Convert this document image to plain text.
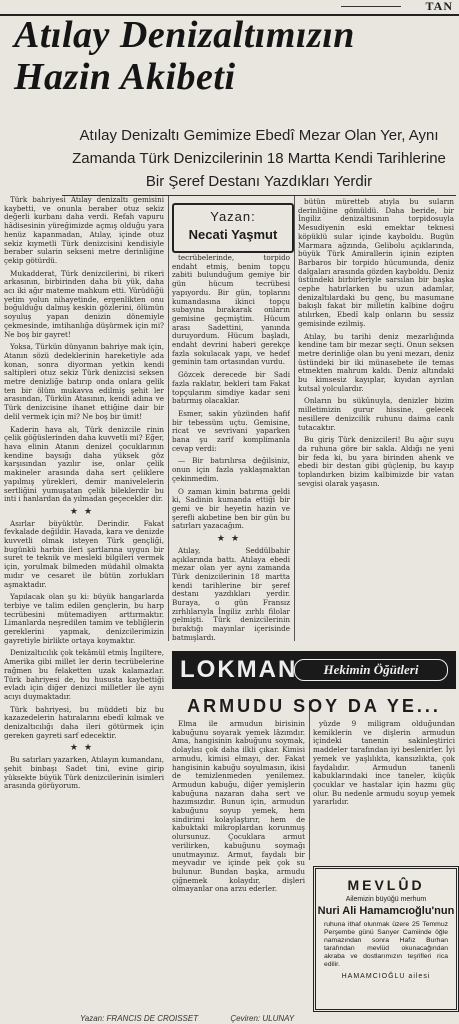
TAN
Atılay Denizaltımızın
Hazin Akibeti
Atılay Denizaltı Gemimize Ebedî Mezar Olan Yer, Aynı Zamanda Türk Denizcilerinin 18 Martta Kendi Tarihlerine Bir Şeref Destanı Yazdıkları Yerdir

Türk bahriyesi Atılay denizaltı gemisini kaybetti, ve onunla beraber otuz sekiz değerli kurbanı daha verdi. Refah vapuru hâdisesinin yüreğimizde açmış olduğu yara henüz kapanmadan, Atılay, içinde otuz sekiz kıymetli Türk denizcisini kendisiyle beraber sularin sekseni metre derinliğine çekip götürdü.

Mukadderat, Türk denizcilerini, bi rikeri arkasının, birbirinden daha bü yük, daha acı iki ağır mateme mahkum etti. Yürüdüğü yetim yolun nihayetinde, ergenlikten onu boğulduğu dalmış keskin gözlerini, ölümün soyuluş yapan denizin dönemiyle çekmesinde, imtihanlığa düşürmek için mi? Ne boş bir gayret!

Yoksa, Türkün dünyanın bahriye mak için, Atanın sözü dedeklerinin hareketiyle ada konan, sonra diyorman yetkin kendi saltipleri otuz sekiz Türk denizcisi seksen metre denizliğe batırıp onda onlara gelik ten bir ölüm mukavva edilmiş şehit ler arasından, Türkün Atasının, kendi adına ve Türk denizcisine ihanet ettiğine dair bir delil vermek için mi? Ne boş bir ümit!

Kaderin hava alı, Türk denizcile rinin çelik göğüslerinden daha kuvvetli mi? Eğer, hava elinin Atanın denizel çocuklarının kendine baysığı daha yüksek göz karşısından yazılır ise, onlar çelik makineler arasında daha sert çeliklere yapılmış yürekleri, demir manivelelerin sertliğini yumuşatan çelik bileklerdir bu inti i hanlardan da yılmadan geçecekler dir.

★★

Asırlar büyüktür. Derindir. Fakat fevkalade değildir. Havada, kara ve denizde kuvvetli olmak isteyen Türk gençliği, bugünkü harbin ileri şartlarına uygun bir suret te teknik ve mesleki bilgileri vermek için, yorulmak bilmeden müdahil olmakta mıdır ve cesaret ile bütün zorlukları aşmaktadır.

Yapılacak olan şu ki: büyük hangarlarda terbiye ve talim edilen gençlerin, bu harp tecrübesini mütemadiyen arttırmaktır. Limanlarda neşredilen tamim ve tebliğlerin gereklerini yapmak, denizcilerimizin gayretiyle birlikte ortaya koymaktır.

Denizaltıcılık çok tekâmül etmiş İngiltere, Amerika gibi millet ler derin tecrübelerine rağmen bu felaketten uzak kalamazlar. Türk bahriyesi de, bu hususta kaybettiği evladı için diğer denizci milletler ile aynı acıyı duymaktadır.

Türk bahriyesi, bu müddeti biz bu kazazedelerin hatıralarını ebedî kılmak ve denizaltıcılığı daha ileri götürmek için gereken gayreti sarf edecektir.

★★

Bu satırları yazarken, Atılayın kumandanı, şehit binbaşı Sadet tini, evine girip yüksekte büyük Türk denizcilerinin isimleri arasında görüyorum.

Yazan:
Necati Yaşmut

tecrübelerinde, torpido endaht etmiş, benim topçu zabiti bulunduğum gemiye bir gün hücum tecrübesi yapıyordu. Bir gün, toplarını kumandasına ikinci topçu subayına bırakarak onların gemisine geçmiştim. Hücum arası Sadettini, yanında duruyordum. Hücum başladı, endaht devrini haberi gerekçe fazla sokulacak yapı, ve hedef geminin tam ortasından vurdu.

Gözcek derecede bir Sadi fazla raklatır, bekleri tam Fakat topçularım simdiye kadar seni batırmış olacaklar.

Esmer, sakin yüzünden hafif bir tebessüm uçtu. Gemisine, ricat ve sevrivani yaparken bana şu zarif komplimanla cevap verdi:

— Bir batırılırsa değilsiniz, onun için fazla yaklaşmaktan çekinmedim.

O zaman kimin batırma geldi ki, Sadinin kumanda ettiği bir gemi ve bir heyetin hazin ve şerefli akıbetine ben bir gün bu satırları yazacağım.

★★

Atılay, Seddülbahir açıklarında battı. Atılaya ebedi mezar olan yer aynı zamanda Türk denizcilerinin 18 martta kendi tarihlerine bir şeref destanı yazdıkları yerdir. Buraya, o gün Fransız zırhlılarıyla İngiliz zırhlı filolar gelmişti. Türk denizcilerinin bıraktığı mayınlar içerisinde batmışlardı.

bütün müretteb atıyla bu suların derinliğine gömüldü. Daha beride, bir İngiliz denizaltısının torpidosuyla Mesudiyenin eski emektar teknesi köpüklü sular içinde kayboldu. Bugün Marmara ağzında, Gelibolu açıklarında, büyük Türk Amirallerin içinin ezipten Barbaros bir torpido hücumunda, deniz dalgaları arasında gözden kayboldu. Deniz üstündeki birbirleriyle sarsılan bir başka cephe hatırlarken bu uzun adamlar, denizaltılardaki bu genç, bu masumane bakışlı fakat bir milletin kalbine doğru atılırken, Ebedî kalp onların bu sessiz gemisinde ezilmiş.

Atılay, bu tarihi deniz mezarlığında kendine tam bir mezar seçti. Onun seksen metre derinliğe olan bu yeni mezarı, deniz üstündeki bir iki münasebete ile temas etmekten mahrum kaldı. Deniz altındaki bu kimsesiz kayıplar, kıyıdan ayrılan kutsal yolculardır.

Onların bu sükûnuyla, denizler bizim milletimizin gurur hissine, gelecek nesillere denizcilik ruhunu daima canlı tutacaktır.

Bu giriş Türk denizcileri! Bu ağır suyu da ruhuna göre bir sakla. Aldığı ne yeni bir feda ki, bu yara birinden ahenk ve ebedi bir destan gibi güçlenip, bu kayıp toplandırken bizim kalbimizde bir vatan sevgisi olarak yaşasın.

LOKMAN	Hekimin Öğütleri
ARMUDU SOY DA YE...

Elma ile armudun birisinin kabuğunu soyarak yemek lâzımdır. Ama, hangisinin kabuğunu soymak, dolaylısı çok daha ilkli çıkar. Kimisi armudu, kimisi elmayı, der. Fakat hangisinin kabuğu soyulmasın, ikisi de temizlenmeden yenilemez. Armudun kabuğu, diğer yemişlerin kabuğuna nazaran daha sert ve hazımsızdır. Bunun için, armudun kabuğunu soyup yemek, hem sindirimi kolaylaştırır, hem de kabuktaki mikroplardan korunmuş olursunuz. Çocuklara armut verilirken, kabuğunu soymağı unutmayınız. Armut, faydalı bir meyvadır ve içinde pek çok su bulunur. Bundan başka, armudu çiğnemek kolaydır, dişleri olmayanlar ona arzu ederler.

yüzde 9 miligram olduğundan kemiklerin ve dişlerin armudun içindeki tanenin sakinleştirici maddeler tarafından iyi beslenirler. İyi yemek ve yaşlılıkta, kansızlıkta, çok faydalıdır. Armudun tanenli kabuklarındaki ince taneler, küçük çocuklar ve hastalar için hazmı güç olur. Bu nedenle armudu soyup yemek yararlıdır.

MEVLÛD
Ailemizin büyüğü merhum
Nuri Ali Hamamcıoğlu'nun
ruhuna ithaf olunmak üzere 25 Temmuz Perşembe günü Sarıyer Camiinde öğle namazından sonra Hafız Burhan tarafından mevlüd okunacağından akraba ve dostlarımızın teşrifleri rica edilir.
HAMAMCIOĞLU ailesi
Yazan: FRANCIS DE CROISSET	Çeviren: ULUNAY
